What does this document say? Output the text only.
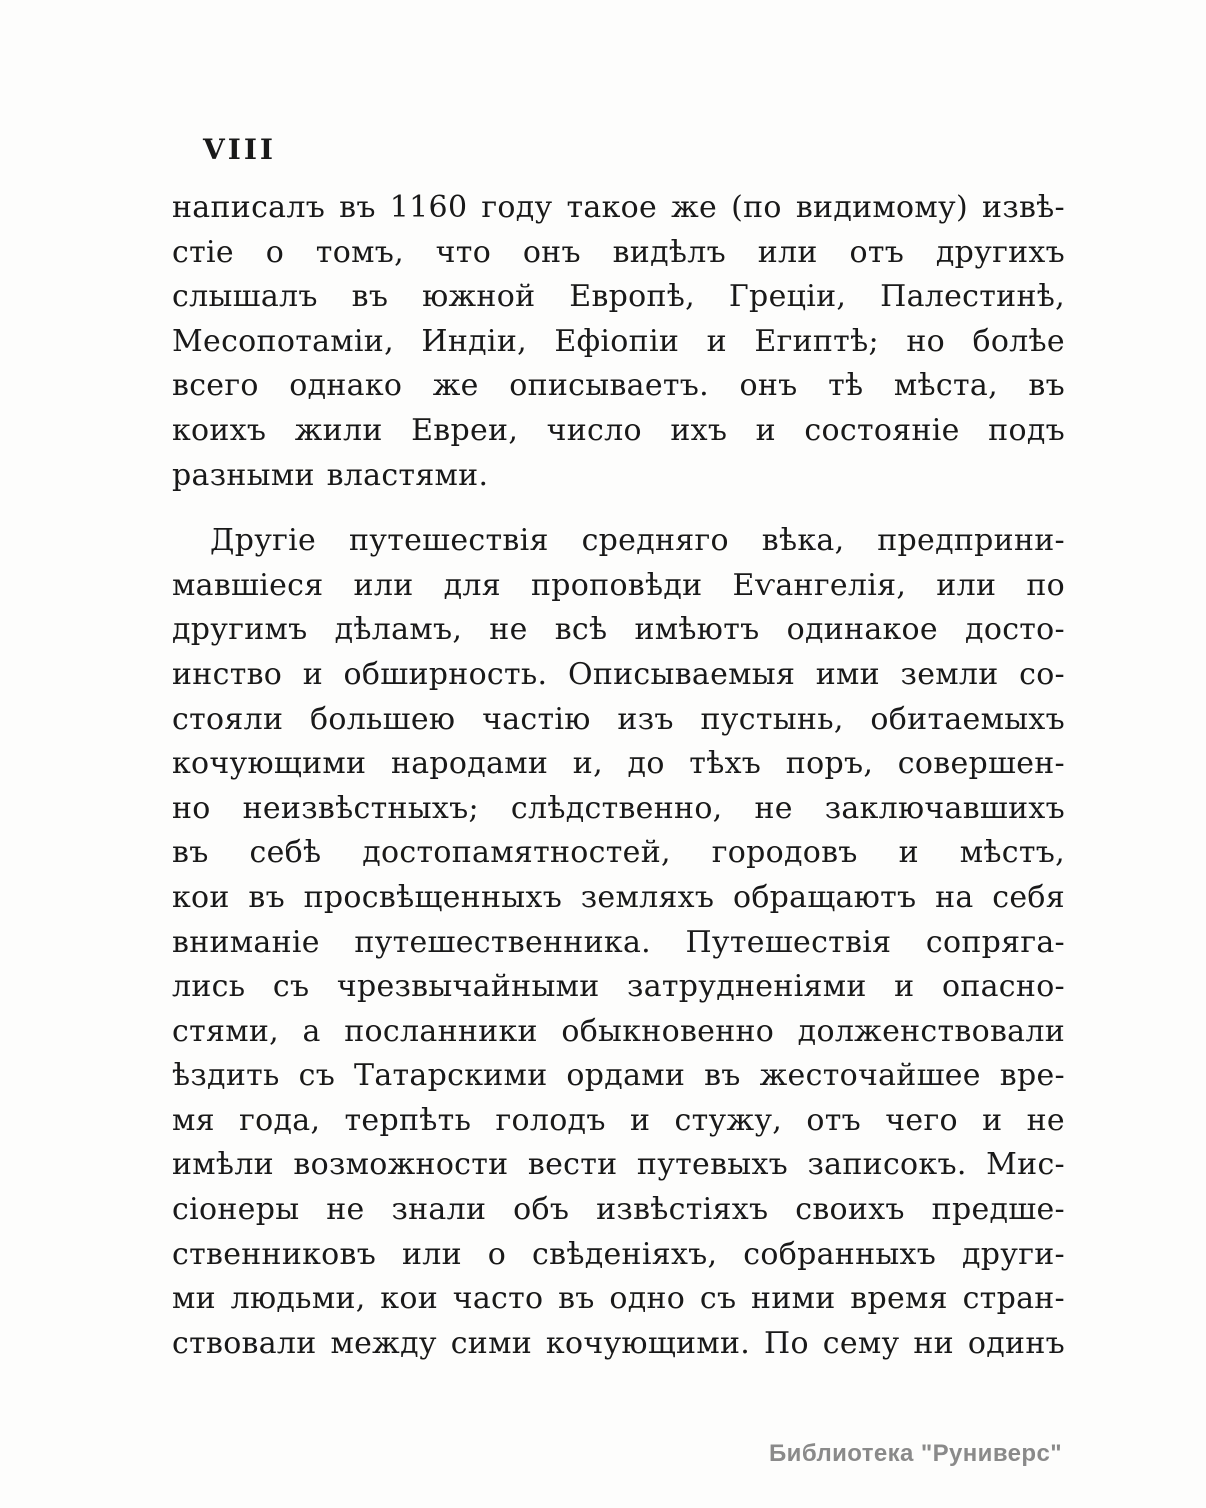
VIII
написалъ въ 1160 году такое же (по видимому) извѣ-
стіе о томъ, что онъ видѣлъ или отъ другихъ
слышалъ въ южной Европѣ, Греціи, Палестинѣ,
Месопотаміи, Индіи, Ефіопіи и Египтѣ; но болѣе
всего однако же описываетъ. онъ тѣ мѣста, въ
коихъ жили Евреи, число ихъ и состояніе подъ
разными властями.
Другіе путешествія средняго вѣка, предприни-
мавшіеся или для проповѣди Еѵангелія, или по
другимъ дѣламъ, не всѣ имѣютъ одинакое досто-
инство и обширность. Описываемыя ими земли со-
стояли большею частію изъ пустынь, обитаемыхъ
кочующими народами и, до тѣхъ поръ, совершен-
но неизвѣстныхъ; слѣдственно, не заключавшихъ
въ себѣ достопамятностей, городовъ и мѣстъ,
кои въ просвѣщенныхъ земляхъ обращаютъ на себя
вниманіе путешественника. Путешествія сопряга-
лись съ чрезвычайными затрудненіями и опасно-
стями, а посланники обыкновенно долженствовали
ѣздить съ Татарскими ордами въ жесточайшее вре-
мя года, терпѣть голодъ и стужу, отъ чего и не
имѣли возможности вести путевыхъ записокъ. Мис-
сіонеры не знали объ извѣстіяхъ своихъ предше-
ственниковъ или о свѣденіяхъ, собранныхъ други-
ми людьми, кои часто въ одно съ ними время стран-
ствовали между сими кочующими. По сему ни одинъ
Библиотека "Руниверс"
